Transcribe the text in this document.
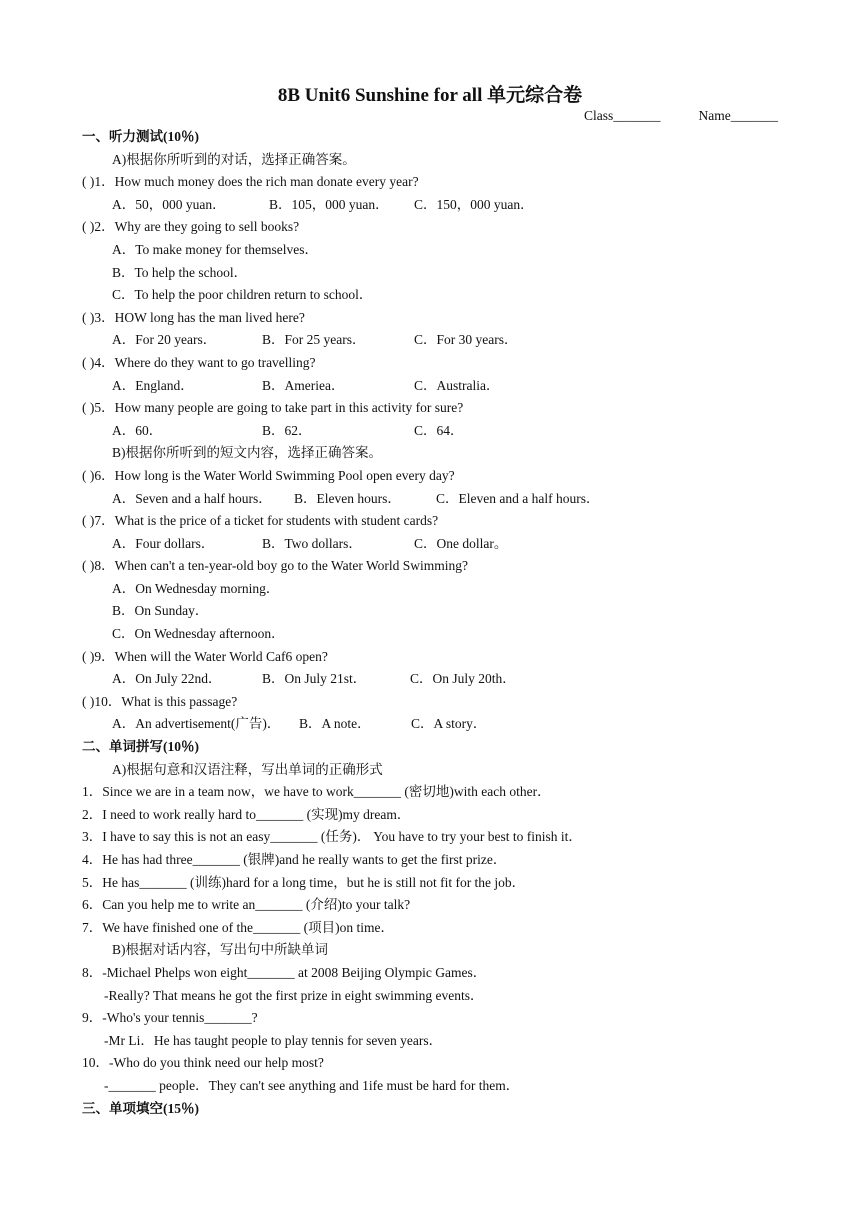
8B Unit6 Sunshine for all 单元综合卷
Class_______	Name_______
一、听力测试(10％)
A)根据你所听到的对话，选择正确答案。
( )1．How much money does the rich man donate every year?
A．50，000 yuan．	B．105，000 yuan． C．150，000 yuan．
( )2．Why are they going to sell books?
A．To make money for themselves．
B．To help the school．
C．To help the poor children return to school．
( )3．HOW long has the man lived here?
A．For 20 years．	B．For 25 years．	C．For 30 years．
( )4．Where do they want to go travelling?
A．England．	B．Ameriea．	C．Australia．
( )5．How many people are going to take part in this activity for sure?
A．60．	B．62．	C．64．
B)根据你所听到的短文内容，选择正确答案。
( )6．How long is the Water World Swimming Pool open every day?
A．Seven and a half hours． B．Eleven hours．	C．Eleven and a half hours．
( )7．What is the price of a ticket for students with student cards?
A．Four dollars．	B．Two dollars．	C．One dollar。
( )8．When can't a ten-year-old boy go to the Water World Swimming?
A．On Wednesday morning．
B．On Sunday．
C．On Wednesday afternoon．
( )9．When will the Water World Caf6 open?
A．On July 22nd．	B．On July 21st．	C．On July 20th．
( )10．What is this passage?
A．An advertisement(广告)． B．A note．	C．A story．
二、单词拼写(10％)
A)根据句意和汉语注释，写出单词的正确形式
1．Since we are in a team now，we have to work_______ (密切地)with each other．
2．I need to work really hard to_______ (实现)my dream．
3．I have to say this is not an easy_______ (任务)． You have to try your best to finish it．
4．He has had three_______ (银牌)and he really wants to get the first prize．
5．He has_______ (训练)hard for a long time，but he is still not fit for the job．
6．Can you help me to write an_______ (介绍)to your talk?
7．We have finished one of the_______ (项目)on time．
B)根据对话内容，写出句中所缺单词
8．-Michael Phelps won eight_______ at 2008 Beijing Olympic Games．
-Really? That means he got the first prize in eight swimming events．
9．-Who's your tennis_______?
-Mr Li．He has taught people to play tennis for seven years．
10．-Who do you think need our help most?
-_______ people．They can't see anything and 1ife must be hard for them．
三、单项填空(15％)
